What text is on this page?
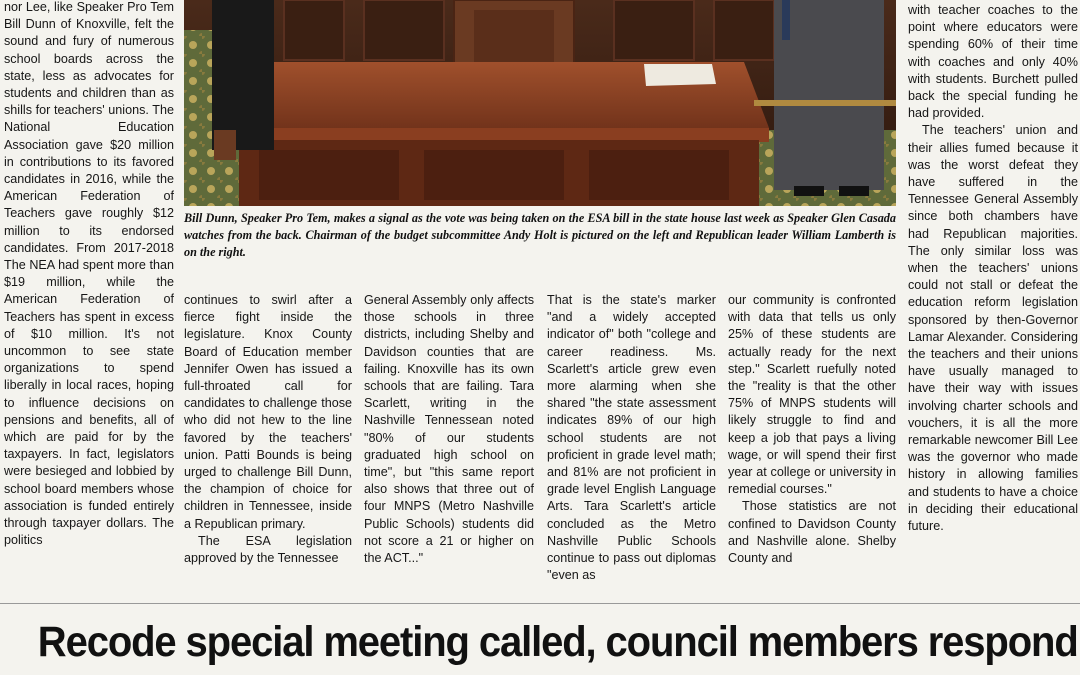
nor Lee, like Speaker Pro Tem Bill Dunn of Knoxville, felt the sound and fury of numerous school boards across the state, less as advocates for students and children than as shills for teachers' unions. The National Education Association gave $20 million in contributions to its favored candidates in 2016, while the American Federation of Teachers gave roughly $12 million to its endorsed candidates. From 2017-2018 The NEA had spent more than $19 million, while the American Federation of Teachers has spent in excess of $10 million. It's not uncommon to see state organizations to spend liberally in local races, hoping to influence decisions on pensions and benefits, all of which are paid for by the taxpayers. In fact, legislators were besieged and lobbied by school board members whose association is funded entirely through taxpayer dollars. The politics

Bill Dunn, Speaker Pro Tem, makes a signal as the vote was being taken on the ESA bill in the state house last week as Speaker Glen Casada watches from the back. Chairman of the budget subcommittee Andy Holt is pictured on the left and Republican leader William Lamberth is on the right.

continues to swirl after a fierce fight inside the legislature. Knox County Board of Education member Jennifer Owen has issued a full-throated call for candidates to challenge those who did not hew to the line favored by the teachers' union. Patti Bounds is being urged to challenge Bill Dunn, the champion of choice for children in Tennessee, inside a Republican primary.

The ESA legislation approved by the Tennessee

General Assembly only affects those schools in three districts, including Shelby and Davidson counties that are failing. Knoxville has its own schools that are failing. Tara Scarlett, writing in the Nashville Tennessean noted "80% of our students graduated high school on time", but "this same report also shows that three out of four MNPS (Metro Nashville Public Schools) students did not score a 21 or higher on the ACT..."

That is the state's marker "and a widely accepted indicator of" both "college and career readiness. Ms. Scarlett's article grew even more alarming when she shared "the state assessment indicates 89% of our high school students are not proficient in grade level math; and 81% are not proficient in grade level English Language Arts. Tara Scarlett's article concluded as the Metro Nashville Public Schools continue to pass out diplomas "even as

our community is confronted with data that tells us only 25% of these students are actually ready for the next step." Scarlett ruefully noted the "reality is that the other 75% of MNPS students will likely struggle to find and keep a job that pays a living wage, or will spend their first year at college or university in remedial courses."

Those statistics are not confined to Davidson County and Nashville alone. Shelby County and

with teacher coaches to the point where educators were spending 60% of their time with coaches and only 40% with students. Burchett pulled back the special funding he had provided.

The teachers' union and their allies fumed because it was the worst defeat they have suffered in the Tennessee General Assembly since both chambers have had Republican majorities. The only similar loss was when the teachers' unions could not stall or defeat the education reform legislation sponsored by then-Governor Lamar Alexander. Considering the teachers and their unions have usually managed to have their way with issues involving charter schools and vouchers, it is all the more remarkable newcomer Bill Lee was the governor who made history in allowing families and students to have a choice in deciding their educational future.

Recode special meeting called, council members respond
